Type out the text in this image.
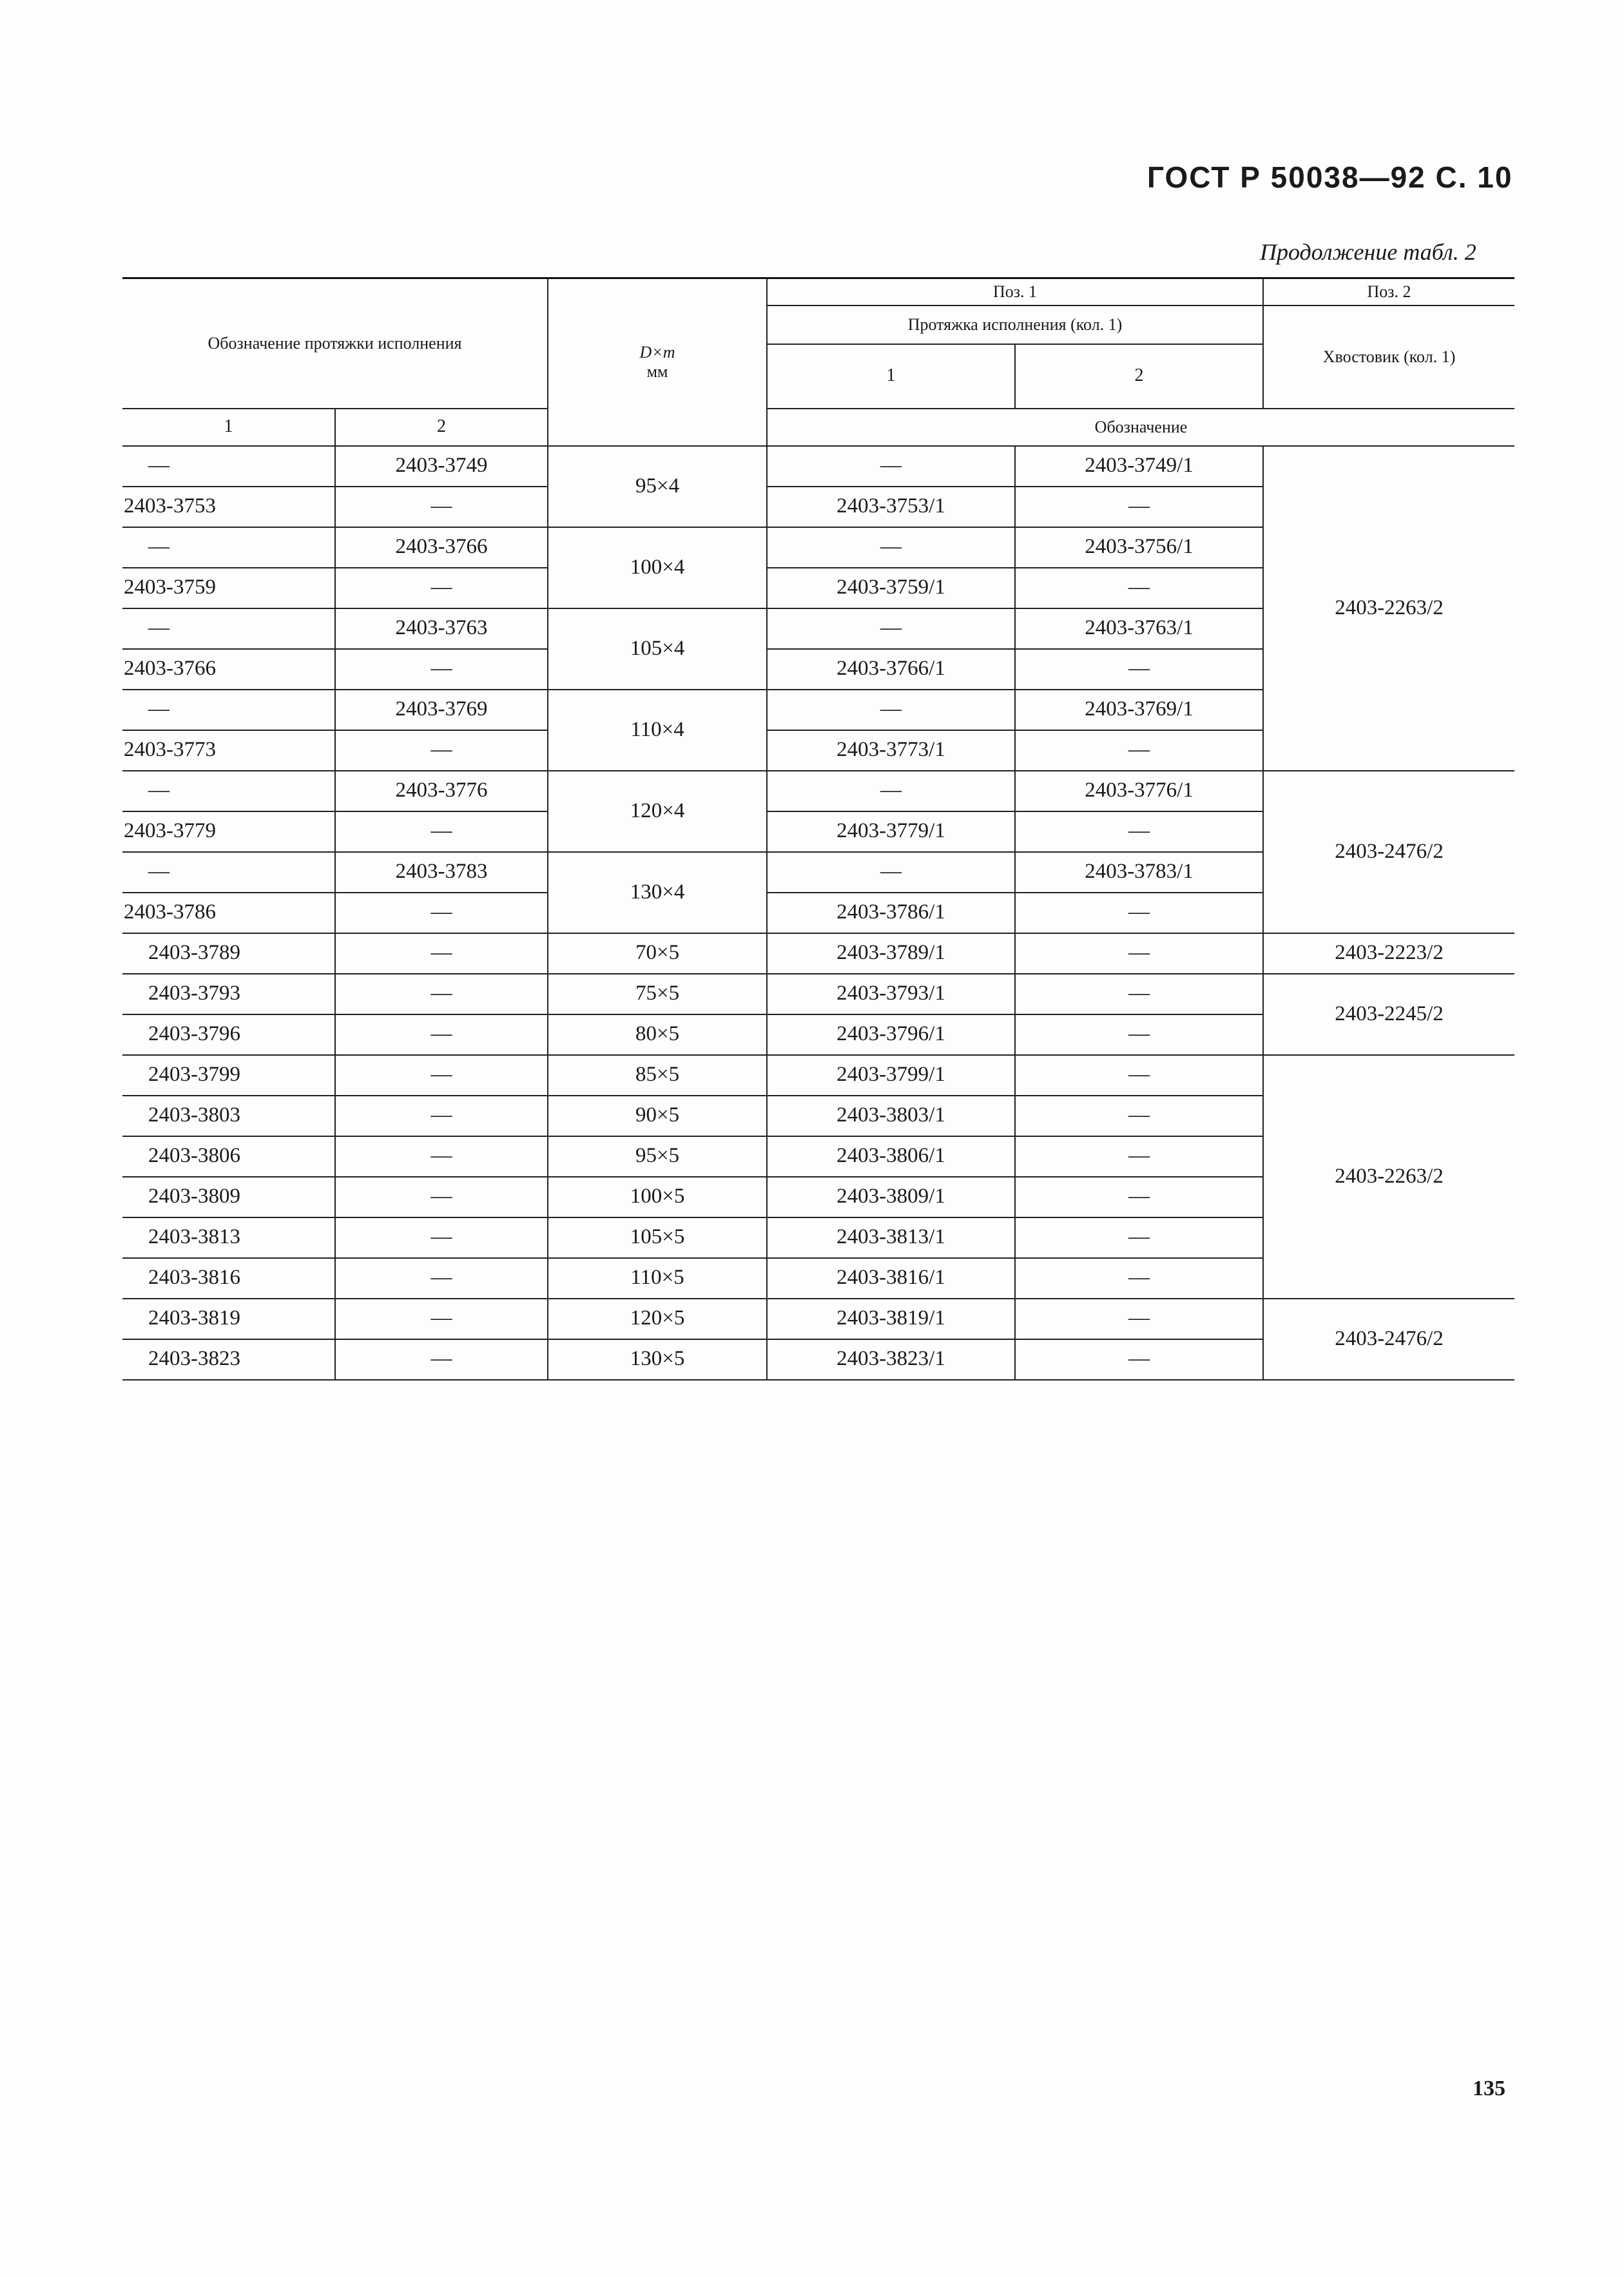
ГОСТ Р 50038—92 С. 10
Продолжение табл. 2
Обозначение протяжки исполнения		D×m
мм	Поз. 1		Поз. 2
			Протяжка исполнения (кол. 1)		Хвостовик (кол. 1)
			1	2	
1	2		Обозначение		
—	2403-3749	95×4	—	2403-3749/1	2403-2263/2
2403-3753	—		2403-3753/1	—	
—	2403-3766	100×4	—	2403-3756/1	
2403-3759	—		2403-3759/1	—	
—	2403-3763	105×4	—	2403-3763/1	
2403-3766	—		2403-3766/1	—	
—	2403-3769	110×4	—	2403-3769/1	
2403-3773	—		2403-3773/1	—	
—	2403-3776	120×4	—	2403-3776/1	2403-2476/2
2403-3779	—		2403-3779/1	—	
—	2403-3783	130×4	—	2403-3783/1	
2403-3786	—		2403-3786/1	—	
2403-3789	—	70×5	2403-3789/1	—	2403-2223/2
2403-3793	—	75×5	2403-3793/1	—	2403-2245/2
2403-3796	—	80×5	2403-3796/1	—	
2403-3799	—	85×5	2403-3799/1	—	2403-2263/2
2403-3803	—	90×5	2403-3803/1	—	
2403-3806	—	95×5	2403-3806/1	—	
2403-3809	—	100×5	2403-3809/1	—	
2403-3813	—	105×5	2403-3813/1	—	
2403-3816	—	110×5	2403-3816/1	—	
2403-3819	—	120×5	2403-3819/1	—	2403-2476/2
2403-3823	—	130×5	2403-3823/1	—	
135
